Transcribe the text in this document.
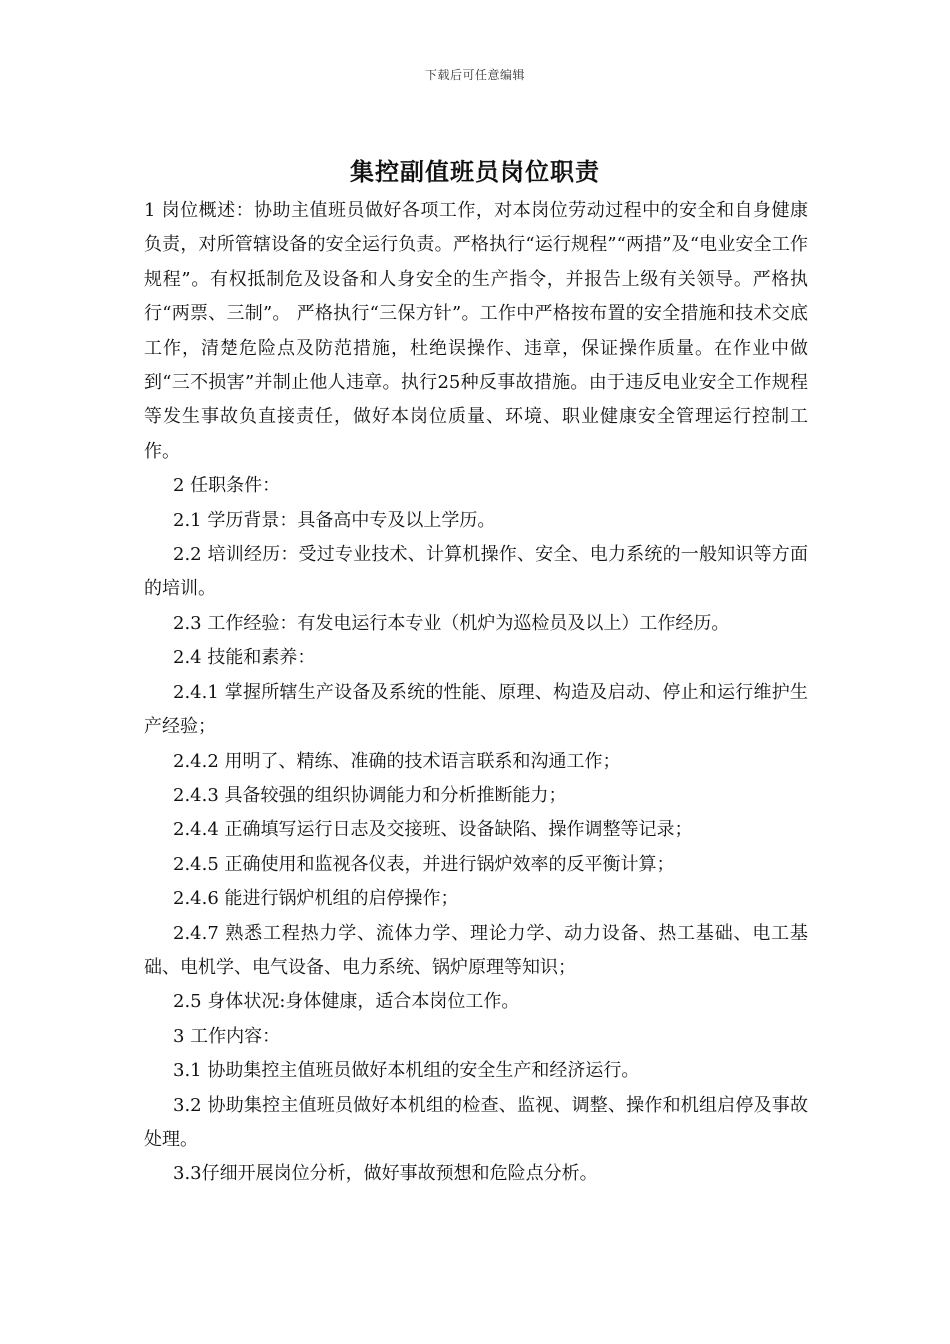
下载后可任意编辑
集控副值班员岗位职责

1 岗位概述：协助主值班员做好各项工作，对本岗位劳动过程中的安全和自身健康负责，对所管辖设备的安全运行负责。严格执行“运行规程”“两措”及“电业安全工作规程”。有权抵制危及设备和人身安全的生产指令，并报告上级有关领导。严格执行“两票、三制”。 严格执行“三保方针”。工作中严格按布置的安全措施和技术交底工作，清楚危险点及防范措施，杜绝误操作、违章，保证操作质量。在作业中做到“三不损害”并制止他人违章。执行25种反事故措施。由于违反电业安全工作规程等发生事故负直接责任，做好本岗位质量、环境、职业健康安全管理运行控制工作。

2 任职条件：

2.1 学历背景：具备高中专及以上学历。

2.2 培训经历：受过专业技术、计算机操作、安全、电力系统的一般知识等方面的培训。

2.3 工作经验：有发电运行本专业（机炉为巡检员及以上）工作经历。

2.4 技能和素养：

2.4.1 掌握所辖生产设备及系统的性能、原理、构造及启动、停止和运行维护生产经验；

2.4.2 用明了、精练、准确的技术语言联系和沟通工作；

2.4.3 具备较强的组织协调能力和分析推断能力；

2.4.4 正确填写运行日志及交接班、设备缺陷、操作调整等记录；

2.4.5 正确使用和监视各仪表，并进行锅炉效率的反平衡计算；

2.4.6 能进行锅炉机组的启停操作；

2.4.7 熟悉工程热力学、流体力学、理论力学、动力设备、热工基础、电工基础、电机学、电气设备、电力系统、锅炉原理等知识；

2.5 身体状况:身体健康，适合本岗位工作。

3 工作内容：

3.1 协助集控主值班员做好本机组的安全生产和经济运行。

3.2 协助集控主值班员做好本机组的检查、监视、调整、操作和机组启停及事故处理。

3.3仔细开展岗位分析，做好事故预想和危险点分析。
